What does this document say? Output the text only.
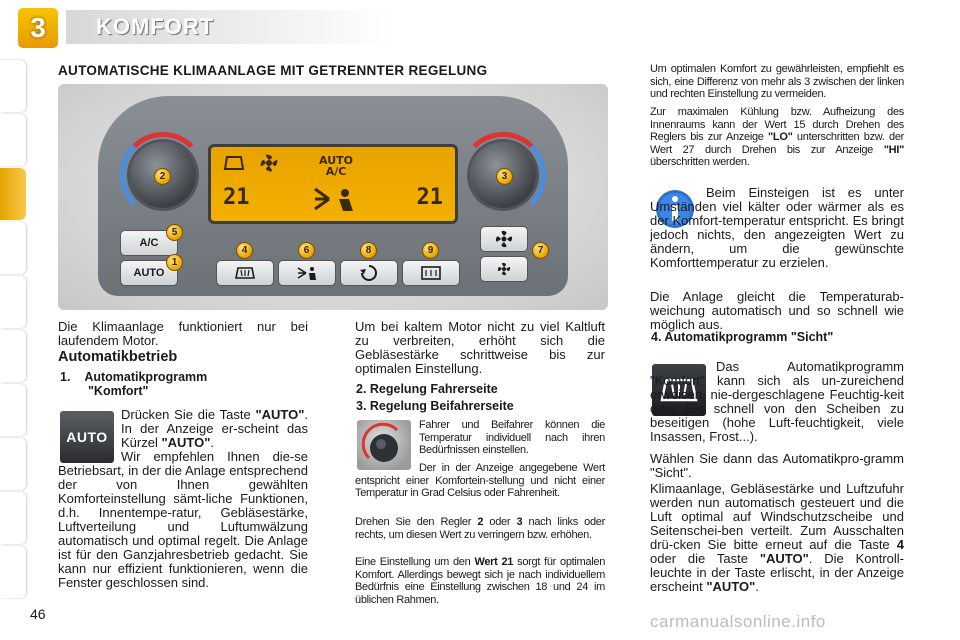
3	KOMFORT
AUTOMATISCHE KLIMAANLAGE MIT GETRENNTER REGELUNG
AUTO
A/C
21	21
A/C
AUTO
1
2	3
4
5
6	7
8	9
Die Klimaanlage funktioniert nur bei laufendem Motor.
Automatikbetrieb
1.    Automatikprogramm
"Komfort"
AUTO
Drücken Sie die Taste "AUTO". In der Anzeige er-scheint das Kürzel "AUTO".
Wir empfehlen Ihnen die-se Betriebsart, in der die Anlage entsprechend der von Ihnen gewählten Komforteinstellung sämt-liche Funktionen, d.h. Innentempe-ratur, Gebläsestärke, Luftverteilung und Luftumwälzung automatisch und optimal regelt. Die Anlage ist für den Ganzjahresbetrieb gedacht. Sie kann nur effizient funktionieren, wenn die Fenster geschlossen sind.
Um bei kaltem Motor nicht zu viel Kaltluft zu verbreiten, erhöht sich die Gebläsestärke schrittweise bis zur optimalen Einstellung.
2. Regelung Fahrerseite
3. Regelung Beifahrerseite
Fahrer und Beifahrer können die Temperatur individuell nach ihren Bedürfnissen einstellen.
Der in der Anzeige angegebene Wert entspricht einer Komfortein-stellung und nicht einer Temperatur in Grad Celsius oder Fahrenheit.
Drehen Sie den Regler 2 oder 3 nach links oder rechts, um diesen Wert zu verringern bzw. erhöhen.
Eine Einstellung um den Wert 21 sorgt für optimalen Komfort. Allerdings bewegt sich je nach individuellem Bedürfnis eine Einstellung zwischen 18 und 24 im üblichen Rahmen.
Um optimalen Komfort zu gewährleisten, empfiehlt es sich, eine Differenz von mehr als 3 zwischen der linken und rechten Einstellung zu vermeiden.
Zur maximalen Kühlung bzw. Aufheizung des Innenraums kann der Wert 15 durch Drehen des Reglers bis zur Anzeige "LO" unterschritten bzw. der Wert 27 durch Drehen bis zur Anzeige "HI" überschritten werden.
Beim Einsteigen ist es unter Umständen viel kälter oder wärmer als es der Komfort-temperatur entspricht. Es bringt jedoch nichts, den angezeigten Wert zu ändern, um die gewünschte Komforttemperatur zu erzielen.
Die Anlage gleicht die Temperaturab-weichung automatisch und so schnell wie möglich aus.
4. Automatikprogramm "Sicht"
Das Automatikprogramm "Komfort" kann sich als un-zureichend erweisen, nie-dergeschlagene Feuchtig-keit oder Eis schnell von den Scheiben zu beseitigen (hohe Luft-feuchtigkeit, viele Insassen, Frost...).
Wählen Sie dann das Automatikpro-gramm "Sicht".
Klimaanlage, Gebläsestärke und Luftzufuhr werden nun automatisch gesteuert und die Luft optimal auf Windschutzscheibe und Seitenschei-ben verteilt. Zum Ausschalten drü-cken Sie bitte erneut auf die Taste 4 oder die Taste "AUTO". Die Kontroll-leuchte in der Taste erlischt, in der Anzeige erscheint "AUTO".
46	carmanualsonline.info
